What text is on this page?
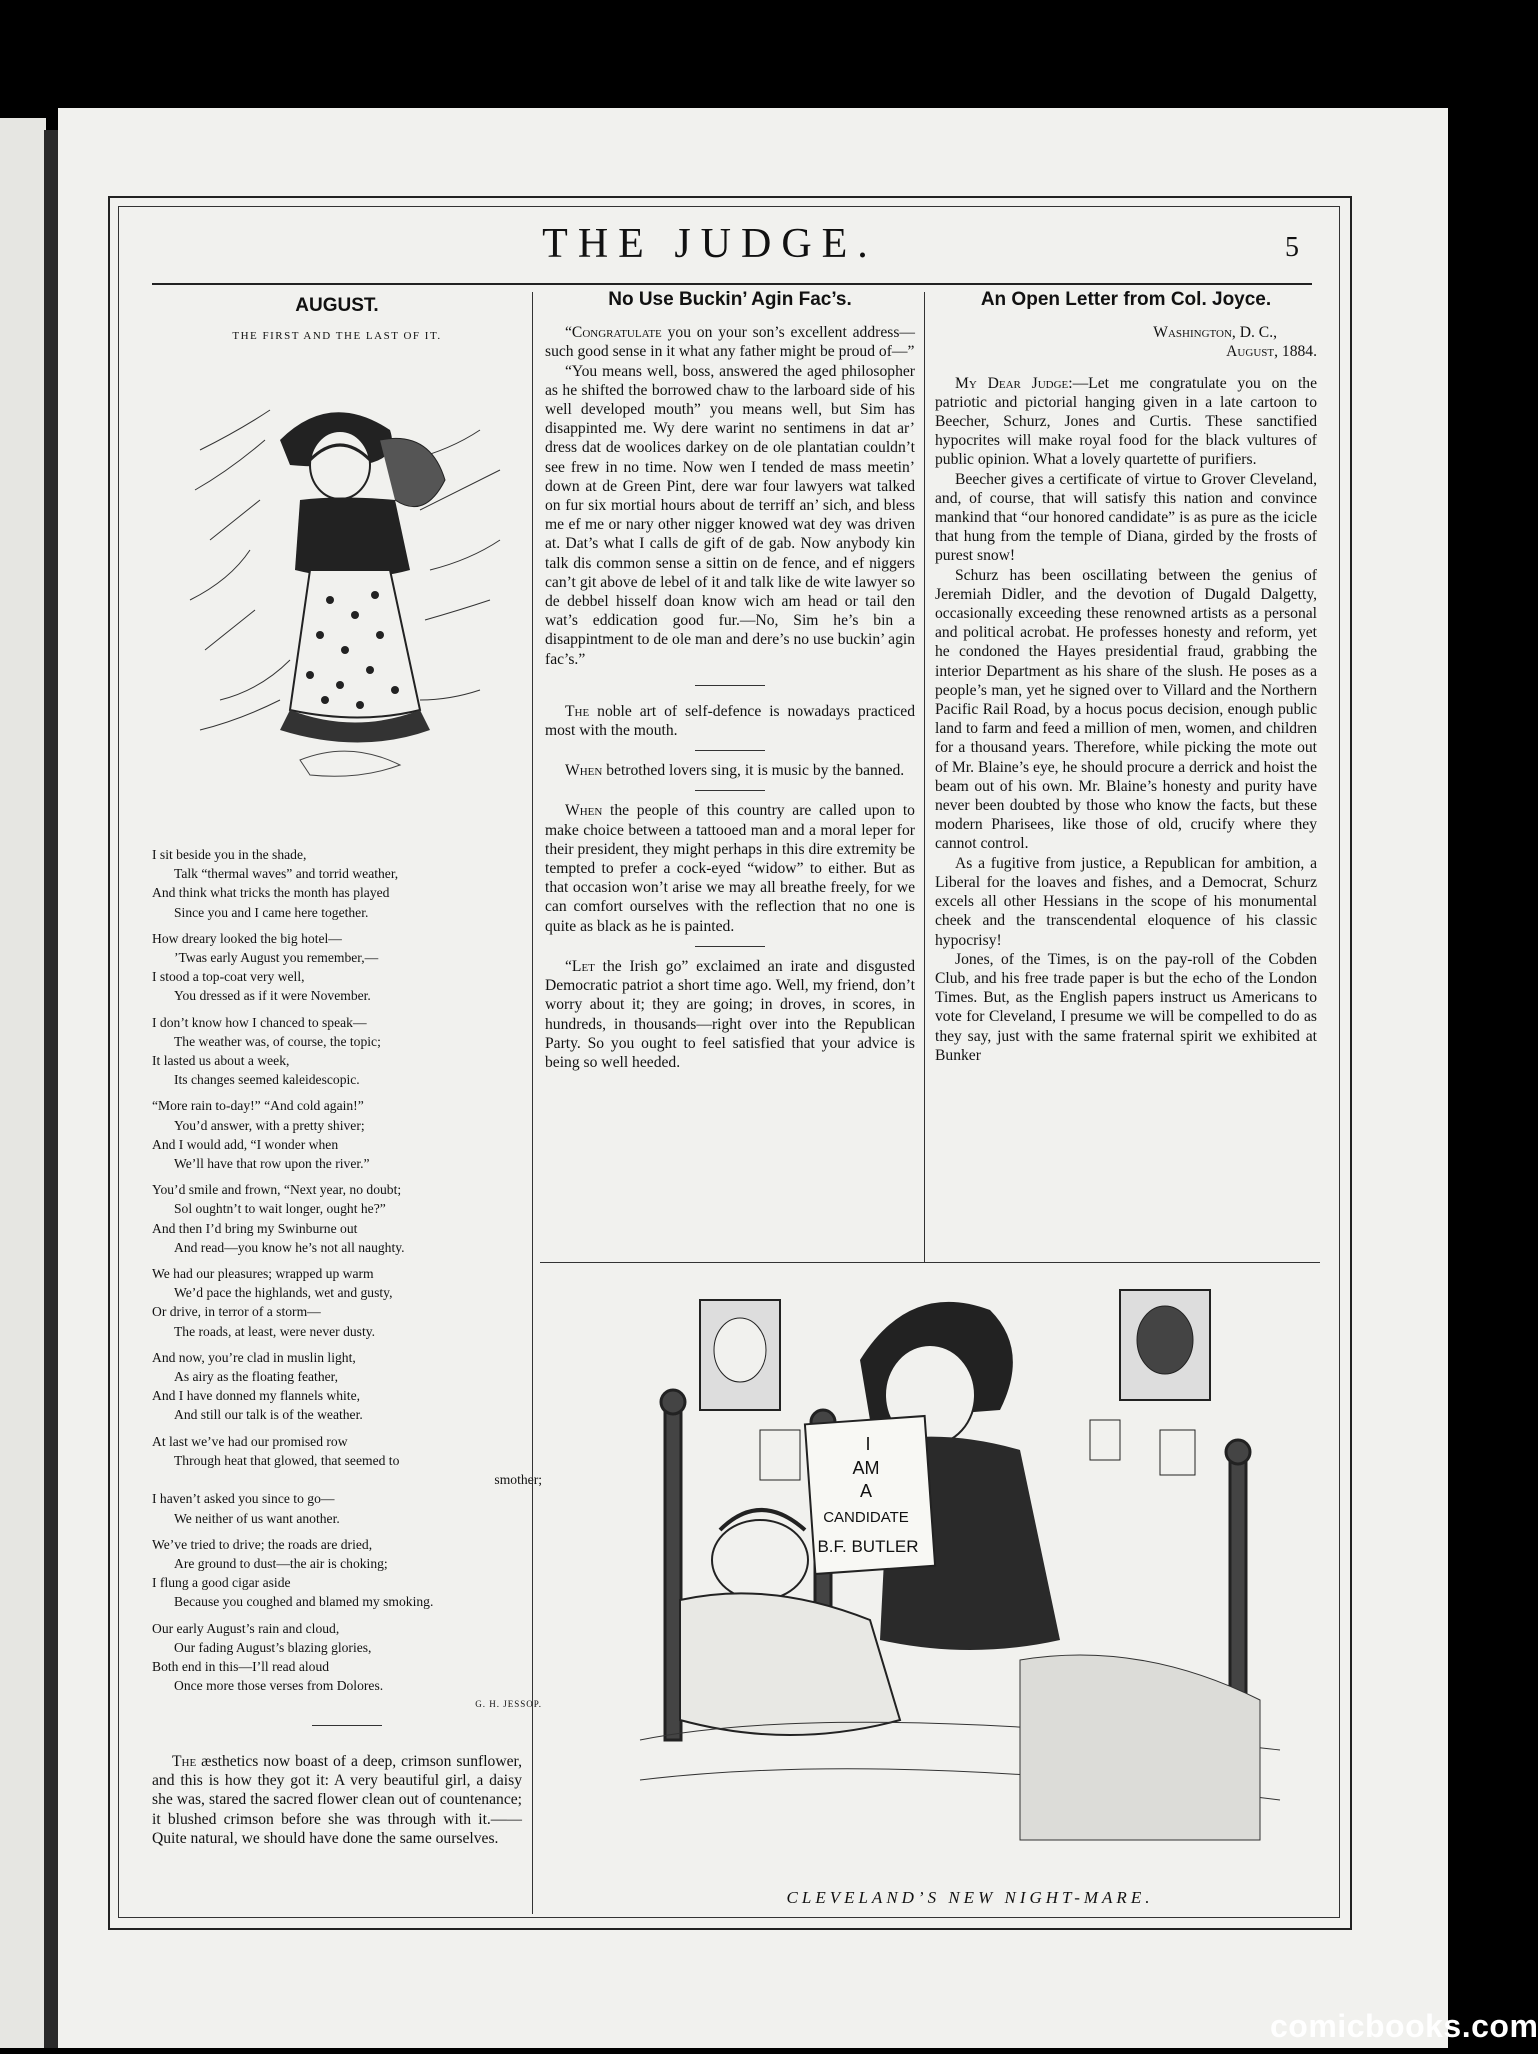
THE JUDGE.	5
AUGUST.
THE FIRST AND THE LAST OF IT.
I sit beside you in the shade,
Talk “thermal waves” and torrid weather,
And think what tricks the month has played
Since you and I came here together.
How dreary looked the big hotel—
’Twas early August you remember,—
I stood a top-coat very well,
You dressed as if it were November.
I don’t know how I chanced to speak—
The weather was, of course, the topic;
It lasted us about a week,
Its changes seemed kaleidescopic.
“More rain to-day!” “And cold again!”
You’d answer, with a pretty shiver;
And I would add, “I wonder when
We’ll have that row upon the river.”
You’d smile and frown, “Next year, no doubt;
Sol oughtn’t to wait longer, ought he?”
And then I’d bring my Swinburne out
And read—you know he’s not all naughty.
We had our pleasures; wrapped up warm
We’d pace the highlands, wet and gusty,
Or drive, in terror of a storm—
The roads, at least, were never dusty.
And now, you’re clad in muslin light,
As airy as the floating feather,
And I have donned my flannels white,
And still our talk is of the weather.
At last we’ve had our promised row
Through heat that glowed, that seemed to
smother;
I haven’t asked you since to go—
We neither of us want another.
We’ve tried to drive; the roads are dried,
Are ground to dust—the air is choking;
I flung a good cigar aside
Because you coughed and blamed my smoking.
Our early August’s rain and cloud,
Our fading August’s blazing glories,
Both end in this—I’ll read aloud
Once more those verses from Dolores.
G. H. JESSOP.

The æsthetics now boast of a deep, crimson sunflower, and this is how they got it: A very beautiful girl, a daisy she was, stared the sacred flower clean out of countenance; it blushed crimson before she was through with it.——Quite natural, we should have done the same ourselves.

No Use Buckin’ Agin Fac’s.

“Congratulate you on your son’s excellent address—such good sense in it what any father might be proud of—”

“You means well, boss, answered the aged philosopher as he shifted the borrowed chaw to the larboard side of his well developed mouth” you means well, but Sim has disappinted me. Wy dere warint no sentimens in dat ar’ dress dat de woolices darkey on de ole plantatian couldn’t see frew in no time. Now wen I tended de mass meetin’ down at de Green Pint, dere war four lawyers wat talked on fur six mortial hours about de terriff an’ sich, and bless me ef me or nary other nigger knowed wat dey was driven at. Dat’s what I calls de gift of de gab. Now anybody kin talk dis common sense a sittin on de fence, and ef niggers can’t git above de lebel of it and talk like de wite lawyer so de debbel hisself doan know wich am head or tail den wat’s eddication good fur.—No, Sim he’s bin a disappintment to de ole man and dere’s no use buckin’ agin fac’s.”

The noble art of self-defence is nowadays practiced most with the mouth.

When betrothed lovers sing, it is music by the banned.

When the people of this country are called upon to make choice between a tattooed man and a moral leper for their president, they might perhaps in this dire extremity be tempted to prefer a cock-eyed “widow” to either. But as that occasion won’t arise we may all breathe freely, for we can comfort ourselves with the reflection that no one is quite as black as he is painted.

“Let the Irish go” exclaimed an irate and disgusted Democratic patriot a short time ago. Well, my friend, don’t worry about it; they are going; in droves, in scores, in hundreds, in thousands—right over into the Republican Party. So you ought to feel satisfied that your advice is being so well heeded.

An Open Letter from Col. Joyce.
Washington, D. C.,
August, 1884.

My Dear Judge:—Let me congratulate you on the patriotic and pictorial hanging given in a late cartoon to Beecher, Schurz, Jones and Curtis. These sanctified hypocrites will make royal food for the black vultures of public opinion. What a lovely quartette of purifiers.

Beecher gives a certificate of virtue to Grover Cleveland, and, of course, that will satisfy this nation and convince mankind that “our honored candidate” is as pure as the icicle that hung from the temple of Diana, girded by the frosts of purest snow!

Schurz has been oscillating between the genius of Jeremiah Didler, and the devotion of Dugald Dalgetty, occasionally exceeding these renowned artists as a personal and political acrobat. He professes honesty and reform, yet he condoned the Hayes presidential fraud, grabbing the interior Department as his share of the slush. He poses as a people’s man, yet he signed over to Villard and the Northern Pacific Rail Road, by a hocus pocus decision, enough public land to farm and feed a million of men, women, and children for a thousand years. Therefore, while picking the mote out of Mr. Blaine’s eye, he should procure a derrick and hoist the beam out of his own. Mr. Blaine’s honesty and purity have never been doubted by those who know the facts, but these modern Pharisees, like those of old, crucify where they cannot control.

As a fugitive from justice, a Republican for ambition, a Liberal for the loaves and fishes, and a Democrat, Schurz excels all other Hessians in the scope of his monumental cheek and the transcendental eloquence of his classic hypocrisy!

Jones, of the Times, is on the pay-roll of the Cobden Club, and his free trade paper is but the echo of the London Times. But, as the English papers instruct us Americans to vote for Cleveland, I presume we will be compelled to do as they say, just with the same fraternal spirit we exhibited at Bunker

I
AM
A
CANDIDATE
B.F. BUTLER
CLEVELAND’S NEW NIGHT-MARE.
comicbooks.com
